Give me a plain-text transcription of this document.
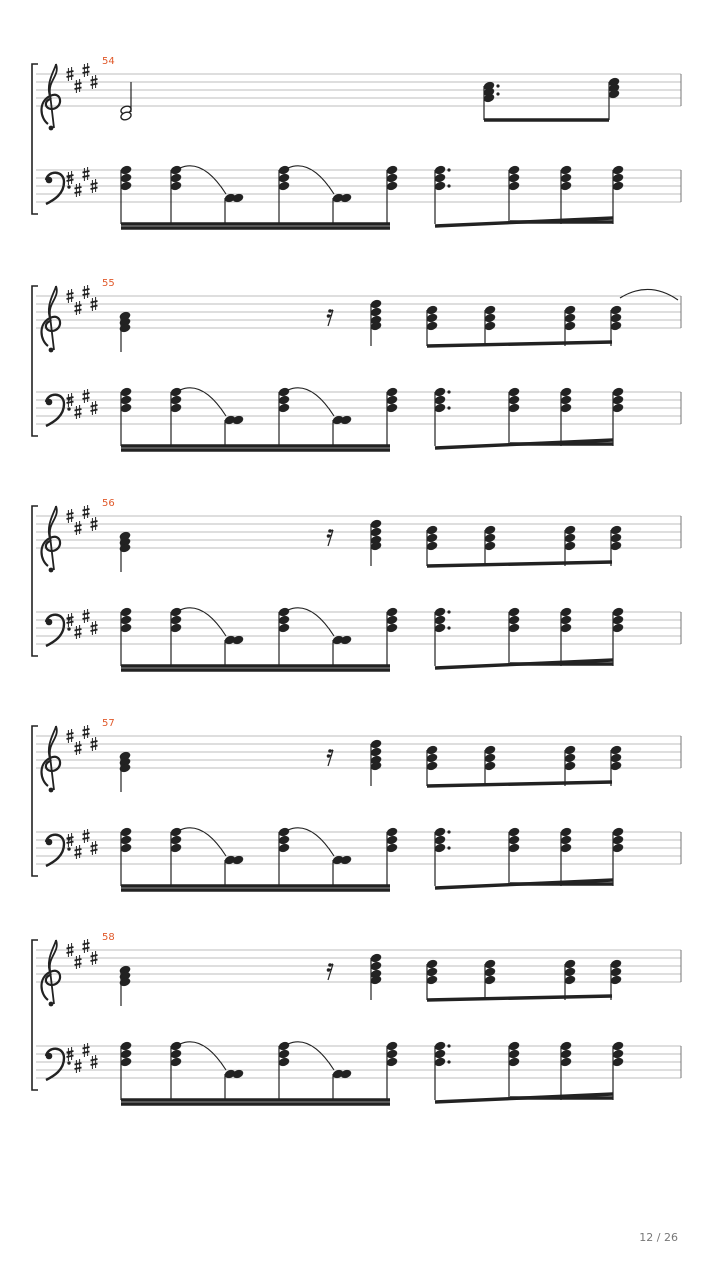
54
55
56
57
58
12 / 26
